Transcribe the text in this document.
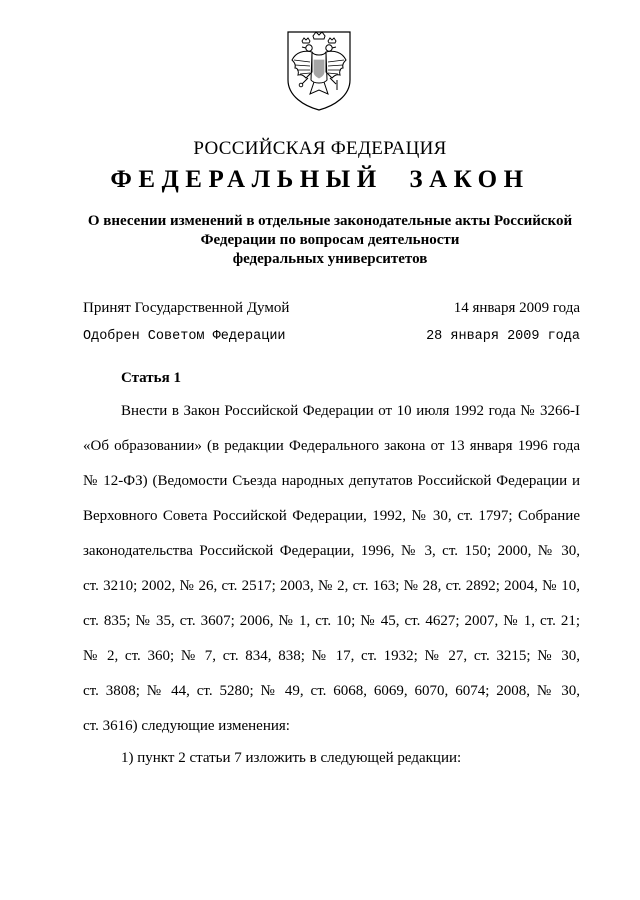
РОССИЙСКАЯ ФЕДЕРАЦИЯ
ФЕДЕРАЛЬНЫЙ ЗАКОН
О внесении изменений в отдельные законодательные акты Российской
Федерации по вопросам деятельности
федеральных университетов
Принят Государственной Думой	14 января 2009 года
Одобрен Советом Федерации	28 января 2009 года
Статья 1
Внести в Закон Российской Федерации от 10 июля 1992 года № 3266-I
«Об образовании» (в редакции Федерального закона от 13 января 1996 года
№ 12-ФЗ) (Ведомости Съезда народных депутатов Российской Федерации и
Верховного Совета Российской Федерации, 1992, № 30, ст. 1797; Собрание
законодательства Российской Федерации, 1996, № 3, ст. 150; 2000, № 30,
ст. 3210; 2002, № 26, ст. 2517; 2003, № 2, ст. 163; № 28, ст. 2892; 2004, № 10,
ст. 835; № 35, ст. 3607; 2006, № 1, ст. 10; № 45, ст. 4627; 2007, № 1, ст. 21;
№ 2, ст. 360; № 7, ст. 834, 838; № 17, ст. 1932; № 27, ст. 3215; № 30,
ст. 3808; № 44, ст. 5280; № 49, ст. 6068, 6069, 6070, 6074; 2008, № 30,
ст. 3616) следующие изменения:
1) пункт 2 статьи 7 изложить в следующей редакции:
